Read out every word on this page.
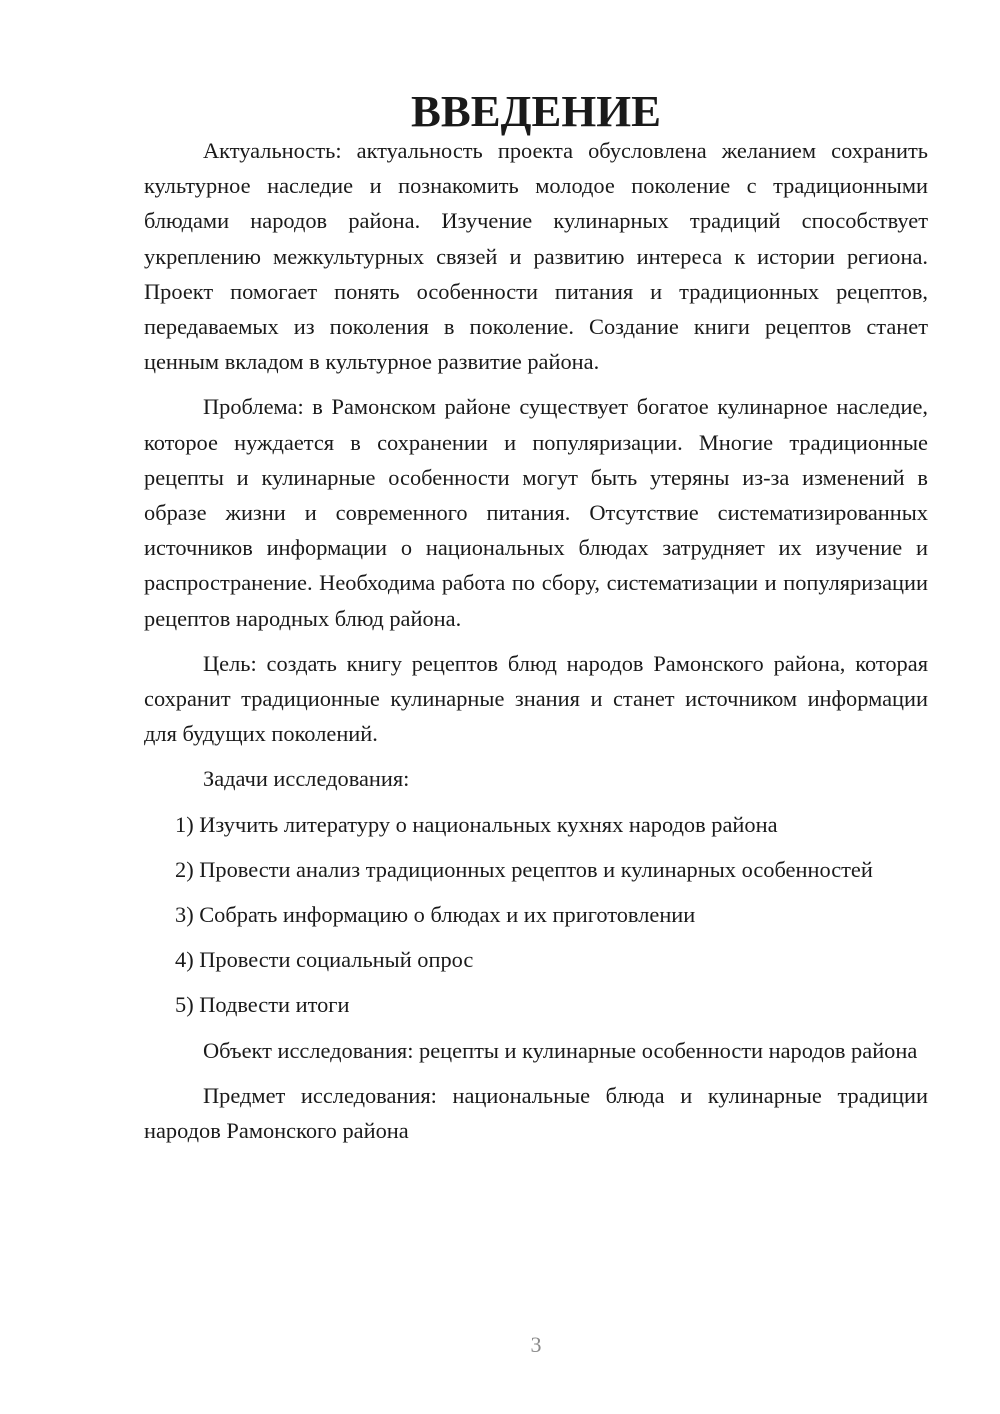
ВВЕДЕНИЕ

Актуальность: актуальность проекта обусловлена желанием сохранить культурное наследие и познакомить молодое поколение с традиционными блюдами народов района. Изучение кулинарных традиций способствует укреплению межкультурных связей и развитию интереса к истории региона. Проект помогает понять особенности питания и традиционных рецептов, передаваемых из поколения в поколение. Создание книги рецептов станет ценным вкладом в культурное развитие района.

Проблема: в Рамонском районе существует богатое кулинарное наследие, которое нуждается в сохранении и популяризации. Многие традиционные рецепты и кулинарные особенности могут быть утеряны из-за изменений в образе жизни и современного питания. Отсутствие систематизированных источников информации о национальных блюдах затрудняет их изучение и распространение. Необходима работа по сбору, систематизации и популяризации рецептов народных блюд района.

Цель: создать книгу рецептов блюд народов Рамонского района, которая сохранит традиционные кулинарные знания и станет источником информации для будущих поколений.

Задачи исследования:

1) Изучить литературу о национальных кухнях народов района

2) Провести анализ традиционных рецептов и кулинарных особенностей

3) Собрать информацию о блюдах и их приготовлении

4) Провести социальный опрос

5) Подвести итоги

Объект исследования: рецепты и кулинарные особенности народов района

Предмет исследования: национальные блюда и кулинарные традиции народов Рамонского района

3
